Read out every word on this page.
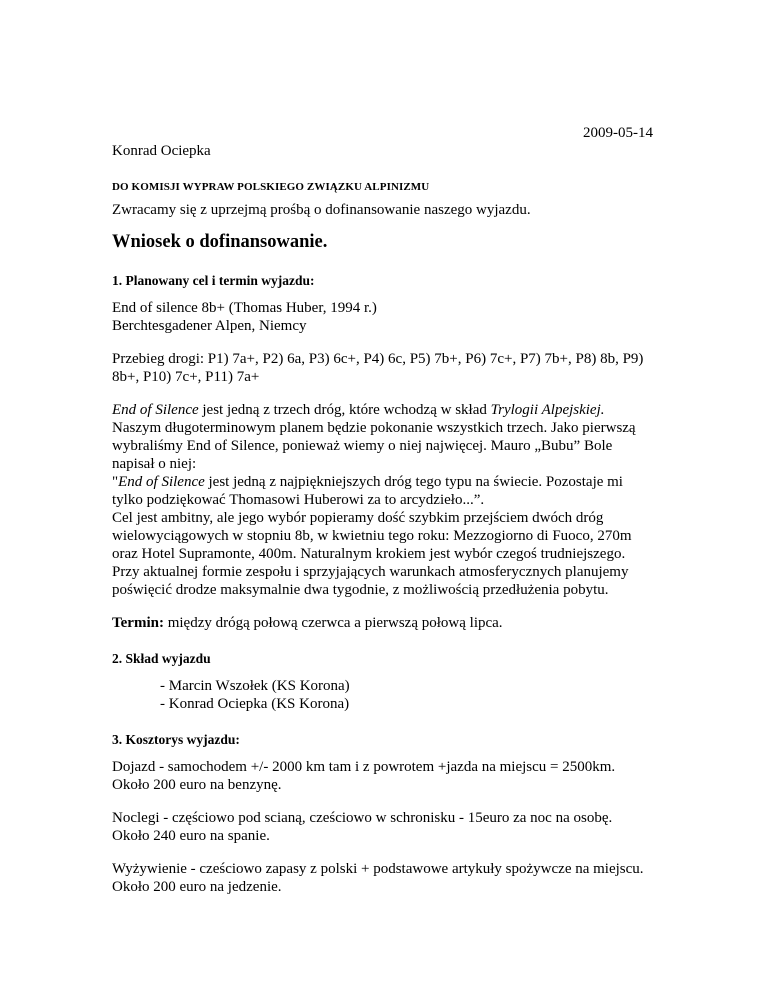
2009-05-14

Konrad Ociepka

DO KOMISJI WYPRAW POLSKIEGO ZWIĄZKU ALPINIZMU

Zwracamy się z uprzejmą prośbą o dofinansowanie naszego wyjazdu.

Wniosek o dofinansowanie.

1. Planowany cel i termin wyjazdu:

End of silence 8b+ (Thomas Huber, 1994 r.)

Berchtesgadener Alpen, Niemcy

Przebieg drogi: P1) 7a+, P2) 6a, P3) 6c+, P4) 6c, P5) 7b+, P6) 7c+, P7) 7b+, P8) 8b, P9)

8b+, P10) 7c+, P11) 7a+

End of Silence jest jedną z trzech dróg, które wchodzą w skład Trylogii Alpejskiej.

Naszym długoterminowym planem będzie pokonanie wszystkich trzech. Jako pierwszą

wybraliśmy End of Silence, ponieważ wiemy o niej najwięcej. Mauro „Bubu” Bole

napisał o niej:

"End of Silence jest jedną z najpiękniejszych dróg tego typu na świecie. Pozostaje mi

tylko podziękować Thomasowi Huberowi za to arcydzieło...”.

Cel jest ambitny, ale jego wybór popieramy dość szybkim przejściem dwóch dróg

wielowyciągowych w stopniu 8b, w kwietniu tego roku: Mezzogiorno di Fuoco, 270m

oraz Hotel Supramonte, 400m. Naturalnym krokiem jest wybór czegoś trudniejszego.

Przy aktualnej formie zespołu i sprzyjających warunkach atmosferycznych planujemy

poświęcić drodze maksymalnie dwa tygodnie, z możliwością przedłużenia pobytu.

Termin: między drógą połową czerwca a pierwszą połową lipca.

2. Skład wyjazdu

- Marcin Wszołek (KS Korona)

- Konrad Ociepka (KS Korona)

3. Kosztorys wyjazdu:

Dojazd - samochodem +/- 2000 km tam i z powrotem +jazda na miejscu = 2500km.

Około 200 euro na benzynę.

Noclegi - częściowo pod scianą, cześciowo w schronisku - 15euro za noc na osobę.

Około 240 euro na spanie.

Wyżywienie - cześciowo zapasy z polski + podstawowe artykuły spożywcze na miejscu.

Około 200 euro na jedzenie.
